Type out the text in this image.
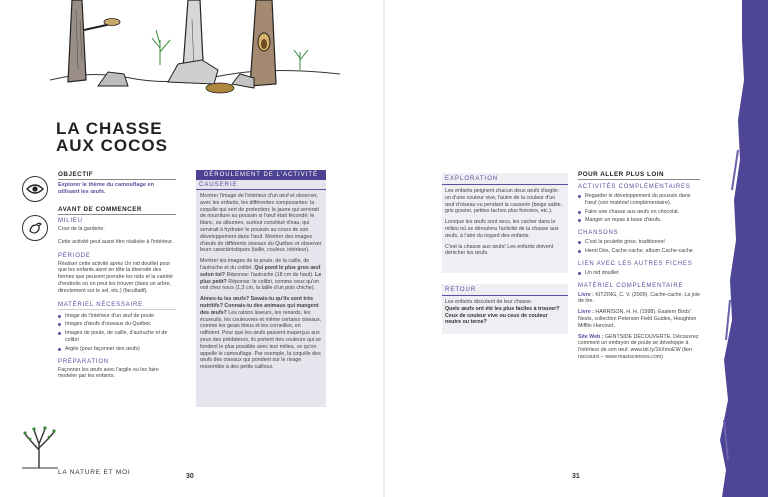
LA CHASSE
AUX COCOS
OBJECTIF
Explorer le thème du camouflage en utilisant les œufs.
AVANT DE COMMENCER
MILIEU
Cour de la garderie.
Cette activité peut aussi être réalisée à l'intérieur.
PÉRIODE
Réaliser cette activité après Un nid douillet pour que les enfants aient en tête la diversité des formes que peuvent prendre les nids et la variété d'endroits où on peut les trouver (dans un arbre, directement sur le sol, etc.) (facultatif).
MATÉRIEL NÉCESSAIRE
Image de l'intérieur d'un œuf de poule
Images d'œufs d'oiseaux du Québec
Images de poule, de caille, d'autruche et de colibri
Argile (pour façonner des œufs)
PRÉPARATION
Façonner les œufs avec l'argile ou les faire modeler par les enfants.
DÉROULEMENT DE L'ACTIVITÉ
CAUSERIE
Montrer l'image de l'intérieur d'un œuf et observer, avec les enfants, les différentes composantes: la coquille qui sert de protection; le jaune qui servirait de nourriture au poussin si l'œuf était fécondé; le blanc, ou albumen, surtout constitué d'eau, qui servirait à hydrater le poussin au cours de son développement dans l'œuf. Montrer des images d'œufs de différents oiseaux du Québec et observer leurs caractéristiques (taille, couleur, intérieur).
Montrer les images de la poule, de la caille, de l'autruche et du colibri. Qui pond le plus gros œuf selon toi? Réponse: l'autruche (18 cm de haut). Le plus petit? Réponse: le colibri, comme ceux qu'on voit chez nous (1,3 cm, la taille d'un pois chiche).
Aimes-tu les œufs? Savais-tu qu'ils sont très nutritifs? Connais-tu des animaux qui mangent des œufs? Les ratons laveurs, les renards, les écureuils, les couleuvres et même certains oiseaux, comme les geais bleus et les corneilles, en raffolent. Pour que les œufs passent inaperçus aux yeux des prédateurs, ils portent des couleurs qui se fondent le plus possible avec leur milieu, ce qu'on appelle le camouflage. Par exemple, la coquille des œufs des oiseaux qui pondent sur le rivage ressemble à des petits cailloux.
LA NATURE ET MOI
30
EXPLORATION
Les enfants peignent chacun deux œufs d'argile: un d'une couleur vive, l'autre de la couleur d'un œuf d'oiseau vu pendant la causerie (beige sable, gris gravier, petites taches plus foncées, etc.).
Lorsque les œufs sont secs, les cacher dans le milieu où se déroulera l'activité de la chasse aux œufs, à l'abri du regard des enfants.
C'est la chasse aux œufs! Les enfants doivent dénicher les œufs.
RETOUR
Les enfants discutent de leur chasse.
Quels œufs ont été les plus faciles à trouver? Ceux de couleur vive ou ceux de couleur neutre ou terne?
POUR ALLER PLUS LOIN
ACTIVITÉS COMPLÉMENTAIRES
Regarder le développement du poussin dans l'œuf (voir matériel complémentaire).
Faire une chasse aux œufs en chocolat.
Manger un repas à base d'œufs.
CHANSONS
C'est la poulette grise, traditionnel
Henri Dès, Cache-cache, album Cache-cache
LIEN AVEC LES AUTRES FICHES
Un nid douillet
MATÉRIEL COMPLÉMENTAIRE
Livre : KITZING, C. V. (2009). Cache-cache, La joie de lire.
Livre : HARRISON, H. H. (1998). Eastern Birds' Nests, collection Peterson Field Guides, Houghton Mifflin Harcourt.
Site Web : GENTSIDE DÉCOUVERTE. Découvrez comment un embryon de poule se développe à l'intérieur de son œuf. www.bit.ly/1kXmoEW (lien raccourci – www.maxisciences.com)
31
